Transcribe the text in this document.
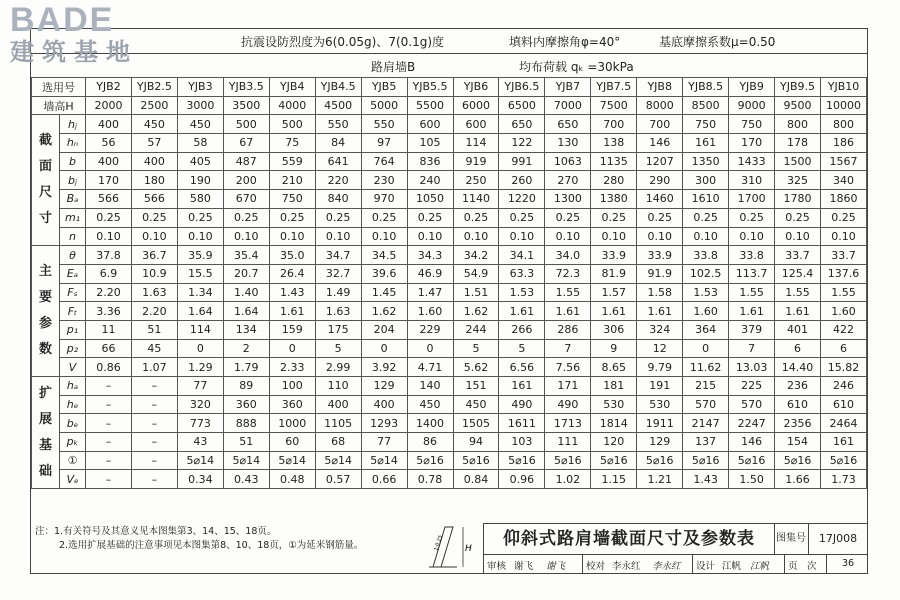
BADE
建筑基地	抗震设防烈度为6(0.05g)、7(0.1g)度	填料内摩擦角φ=40°	基底摩擦系数μ=0.50
路肩墙B	均布荷载 qₖ =30kPa
选用号		YJB2	YJB2.5	YJB3	YJB3.5	YJB4	YJB4.5	YJB5	YJB5.5	YJB6	YJB6.5	YJB7	YJB7.5	YJB8	YJB8.5	YJB9	YJB9.5	YJB10
墙高H		2000	2500	3000	3500	4000	4500	5000	5500	6000	6500	7000	7500	8000	8500	9000	9500	10000

截
面
尺
寸	hⱼ	400	450	450	500	500	550	550	600	600	650	650	700	700	750	750	800	800
	hₙ	56	57	58	67	75	84	97	105	114	122	130	138	146	161	170	178	186
	b	400	400	405	487	559	641	764	836	919	991	1063	1135	1207	1350	1433	1500	1567
	bⱼ	170	180	190	200	210	220	230	240	250	260	270	280	290	300	310	325	340
	Bₐ	566	566	580	670	750	840	970	1050	1140	1220	1300	1380	1460	1610	1700	1780	1860
	m₁	0.25	0.25	0.25	0.25	0.25	0.25	0.25	0.25	0.25	0.25	0.25	0.25	0.25	0.25	0.25	0.25	0.25
	n	0.10	0.10	0.10	0.10	0.10	0.10	0.10	0.10	0.10	0.10	0.10	0.10	0.10	0.10	0.10	0.10	0.10

主
要
参
数	θ	37.8	36.7	35.9	35.4	35.0	34.7	34.5	34.3	34.2	34.1	34.0	33.9	33.9	33.8	33.8	33.7	33.7
	Eₐ	6.9	10.9	15.5	20.7	26.4	32.7	39.6	46.9	54.9	63.3	72.3	81.9	91.9	102.5	113.7	125.4	137.6
	Fₛ	2.20	1.63	1.34	1.40	1.43	1.49	1.45	1.47	1.51	1.53	1.55	1.57	1.58	1.53	1.55	1.55	1.55
	Fₜ	3.36	2.20	1.64	1.64	1.61	1.63	1.62	1.60	1.62	1.61	1.61	1.61	1.61	1.60	1.61	1.61	1.60
	p₁	11	51	114	134	159	175	204	229	244	266	286	306	324	364	379	401	422
	p₂	66	45	0	2	0	5	0	0	5	5	7	9	12	0	7	6	6
	V	0.86	1.07	1.29	1.79	2.33	2.99	3.92	4.71	5.62	6.56	7.56	8.65	9.79	11.62	13.03	14.40	15.82

扩
展
基
础	hₐ	–	–	77	89	100	110	129	140	151	161	171	181	191	215	225	236	246
	hₑ	–	–	320	360	360	400	400	450	450	490	490	530	530	570	570	610	610
	bₑ	–	–	773	888	1000	1105	1293	1400	1505	1611	1713	1814	1911	2147	2247	2356	2464
	pₖ	–	–	43	51	60	68	77	86	94	103	111	120	129	137	146	154	161
	①	–	–	5⌀14	5⌀14	5⌀14	5⌀14	5⌀14	5⌀16	5⌀16	5⌀16	5⌀16	5⌀16	5⌀16	5⌀16	5⌀16	5⌀16	5⌀16
	Vₑ	–	–	0.34	0.43	0.48	0.57	0.66	0.78	0.84	0.96	1.02	1.15	1.21	1.43	1.50	1.66	1.73
注：1.有关符号及其意义见本图集第3、14、15、18页。
2.选用扩展基础的注意事项见本图集第8、10、18页，①为延米钢筋量。	H
1:0.25	仰斜式路肩墙截面尺寸及参数表	图集号	17J008
审核 谢飞 谢飞 校对 李永红 李永红 设计 江帆 江帆 页　次	36
